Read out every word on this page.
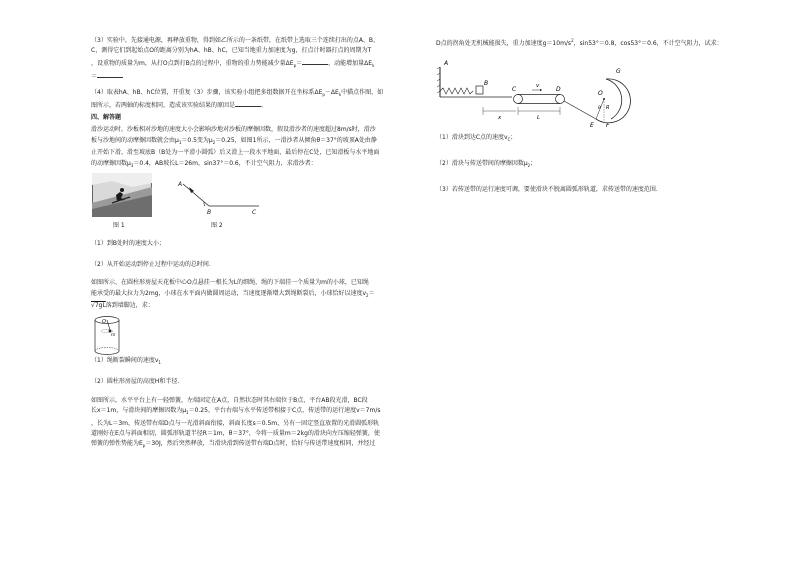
（3）实验中，先接通电源，再释放重物，得到如乙所示的一条纸带，在纸带上选取三个连续打出的点A、B、
C，测得它们到起始点O的距离分别为hA、hB、hC，已知当地重力加速度为g，打点计时器打点的周期为T
，设重物的质量为m，从打O点到打B点的过程中，重物的重力势能减少量$\Delta E_p=$	，动能增加量$\Delta E_k$
＝

（4）取表hA、hB、hC位置，开重复（3）步骤，该实验小组把多组数据开在坐标系$\Delta E_p-\Delta E_k$中描点作图，如
图所示，若两轴的标度相同，造成该实验结果的原因是	。

四、解答题

滑沙运动时，沙板相对沙地的速度大小会影响沙地对沙板的摩擦因数，假设滑沙者的速度超过8m/s时，滑沙
板与沙地间的动摩擦因数就会由$\mu_1=0.5$变为$\mu_2=0.25$，如图1所示，一滑沙者从倾角θ＝37°的坡顶A处由静
止开始下滑，滑至坡底B（B处为一平滑小圆弧）后又滑上一段水平地面，最后停在C处，已知滑板与水平地面
的动摩擦因数$\mu_3=0.4$，AB坡长L＝26m，sin37°＝0.6，不计空气阻力，求滑沙者：

图 1
A
B	C
图 2

（1）到B处时的速度大小；

（2）从开始运动到停止过程中运动的总时间.

如图所示，在圆柱形房屋天花板中心O点悬挂一根长为L的细绳，绳的下端挂一个质量为m的小球，已知绳
能承受的最大拉力为2mg，小球在水平面内做圆周运动，当速度逐渐增大到绳断裂后，小球恰好以速度$v_2=$
√7gL落到墙脚边，求：

O
m

（1）绳断裂瞬间的速度$v_1$

（2）圆柱形房屋的高度H和半径.

如图所示，水平平台上有一轻弹簧，左端固定在A点，自然状态时其右端位于B点，平台AB段光滑，BC段
长x＝1m，与滑块间的摩擦因数为$\mu_1=0.25$，平台右端与水平传送带相接于C点，传送带的运行速度v＝7m/s
，长为L＝3m，传送带右端D点与一光滑斜面衔接，斜面长度s＝0.5m，另有一固定竖直放置的光滑圆弧形轨
道刚好在E点与斜面相切，圆弧形轨道半径R＝1m，θ＝37°，今将一质量m＝2kg的滑块向左压缩轻弹簧，使
弹簧的弹性势能为$E_p=30J$，然后突然释放，当滑块滑到传送带右端D点时，恰好与传送带速度相同，并经过

D点的拐角处无机械能损失，重力加速度$g=10m/s^2$，sin53°＝0.8，cos53°＝0.6，不计空气阻力，试求：

A
B
C	D
E F
G
O
R
θ
x	L
v

（1）滑块到达C点的速度$v_C$；

（2）滑块与传送带间的摩擦因数$\mu_2$；

（3）若传送带的运行速度可调，要使滑块不脱离圆弧形轨道，求传送带的速度范围.
